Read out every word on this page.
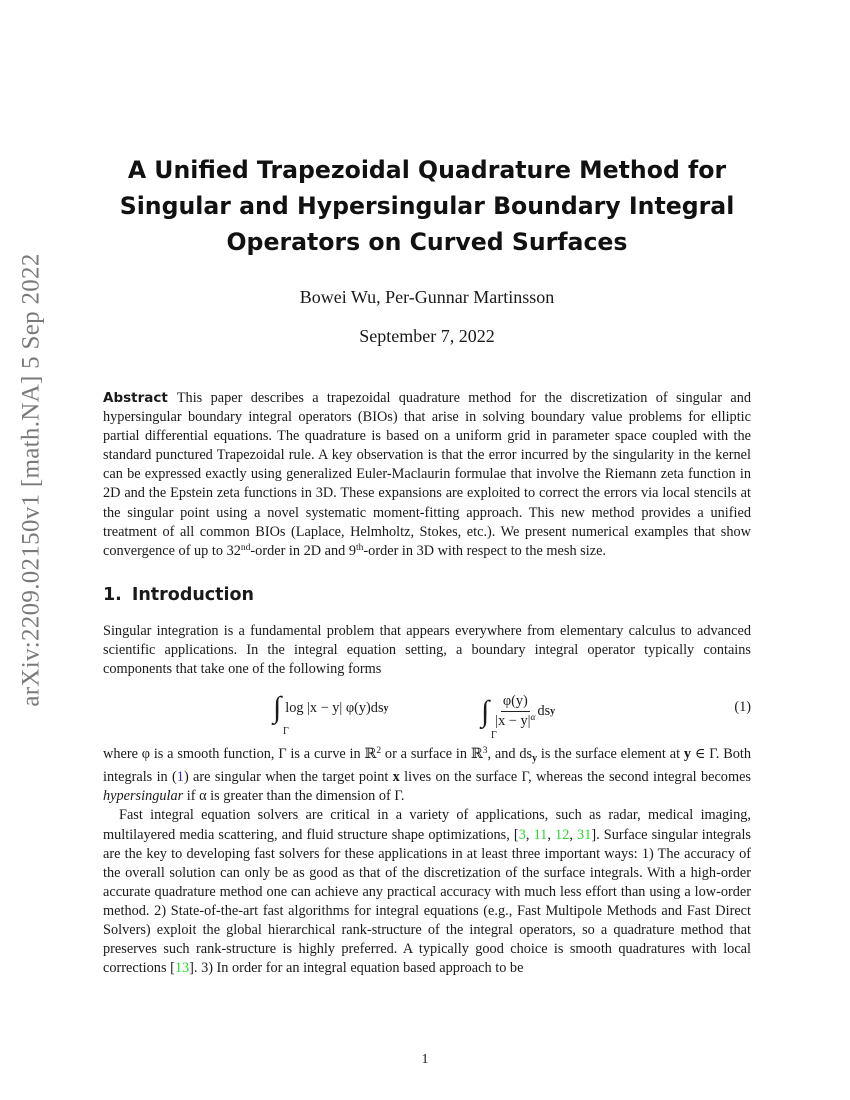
arXiv:2209.02150v1 [math.NA] 5 Sep 2022
A Unified Trapezoidal Quadrature Method for
Singular and Hypersingular Boundary Integral
Operators on Curved Surfaces
Bowei Wu, Per-Gunnar Martinsson
September 7, 2022
Abstract This paper describes a trapezoidal quadrature method for the discretization of singular and hypersingular boundary integral operators (BIOs) that arise in solving boundary value problems for elliptic partial differential equations. The quadrature is based on a uniform grid in parameter space coupled with the standard punctured Trapezoidal rule. A key observation is that the error incurred by the singularity in the kernel can be expressed exactly using generalized Euler-Maclaurin formulae that involve the Riemann zeta function in 2D and the Epstein zeta functions in 3D. These expansions are exploited to correct the errors via local stencils at the singular point using a novel systematic moment-fitting approach. This new method provides a unified treatment of all common BIOs (Laplace, Helmholtz, Stokes, etc.). We present numerical examples that show convergence of up to 32nd-order in 2D and 9th-order in 3D with respect to the mesh size.
1. Introduction

Singular integration is a fundamental problem that appears everywhere from elementary calculus to advanced scientific applications. In the integral equation setting, a boundary integral operator typically contains components that take one of the following forms

∫
Γ
log |x − y| φ(y)ds y	∫
Γ
$\frac{\varphi(y)}{|x - y|^\alpha}$ ds y	(1)

where φ is a smooth function, Γ is a curve in ℝ$^2$ or a surface in ℝ$^3$, and $ds_y$ is the surface element at y ∈ Γ. Both integrals in (1) are singular when the target point x lives on the surface Γ, whereas the second integral becomes hypersingular if α is greater than the dimension of Γ.

Fast integral equation solvers are critical in a variety of applications, such as radar, medical imaging, multilayered media scattering, and fluid structure shape optimizations, [3, 11, 12, 31]. Surface singular integrals are the key to developing fast solvers for these applications in at least three important ways: 1) The accuracy of the overall solution can only be as good as that of the discretization of the surface integrals. With a high-order accurate quadrature method one can achieve any practical accuracy with much less effort than using a low-order method. 2) State-of-the-art fast algorithms for integral equations (e.g., Fast Multipole Methods and Fast Direct Solvers) exploit the global hierarchical rank-structure of the integral operators, so a quadrature method that preserves such rank-structure is highly preferred. A typically good choice is smooth quadratures with local corrections [13]. 3) In order for an integral equation based approach to be

1
